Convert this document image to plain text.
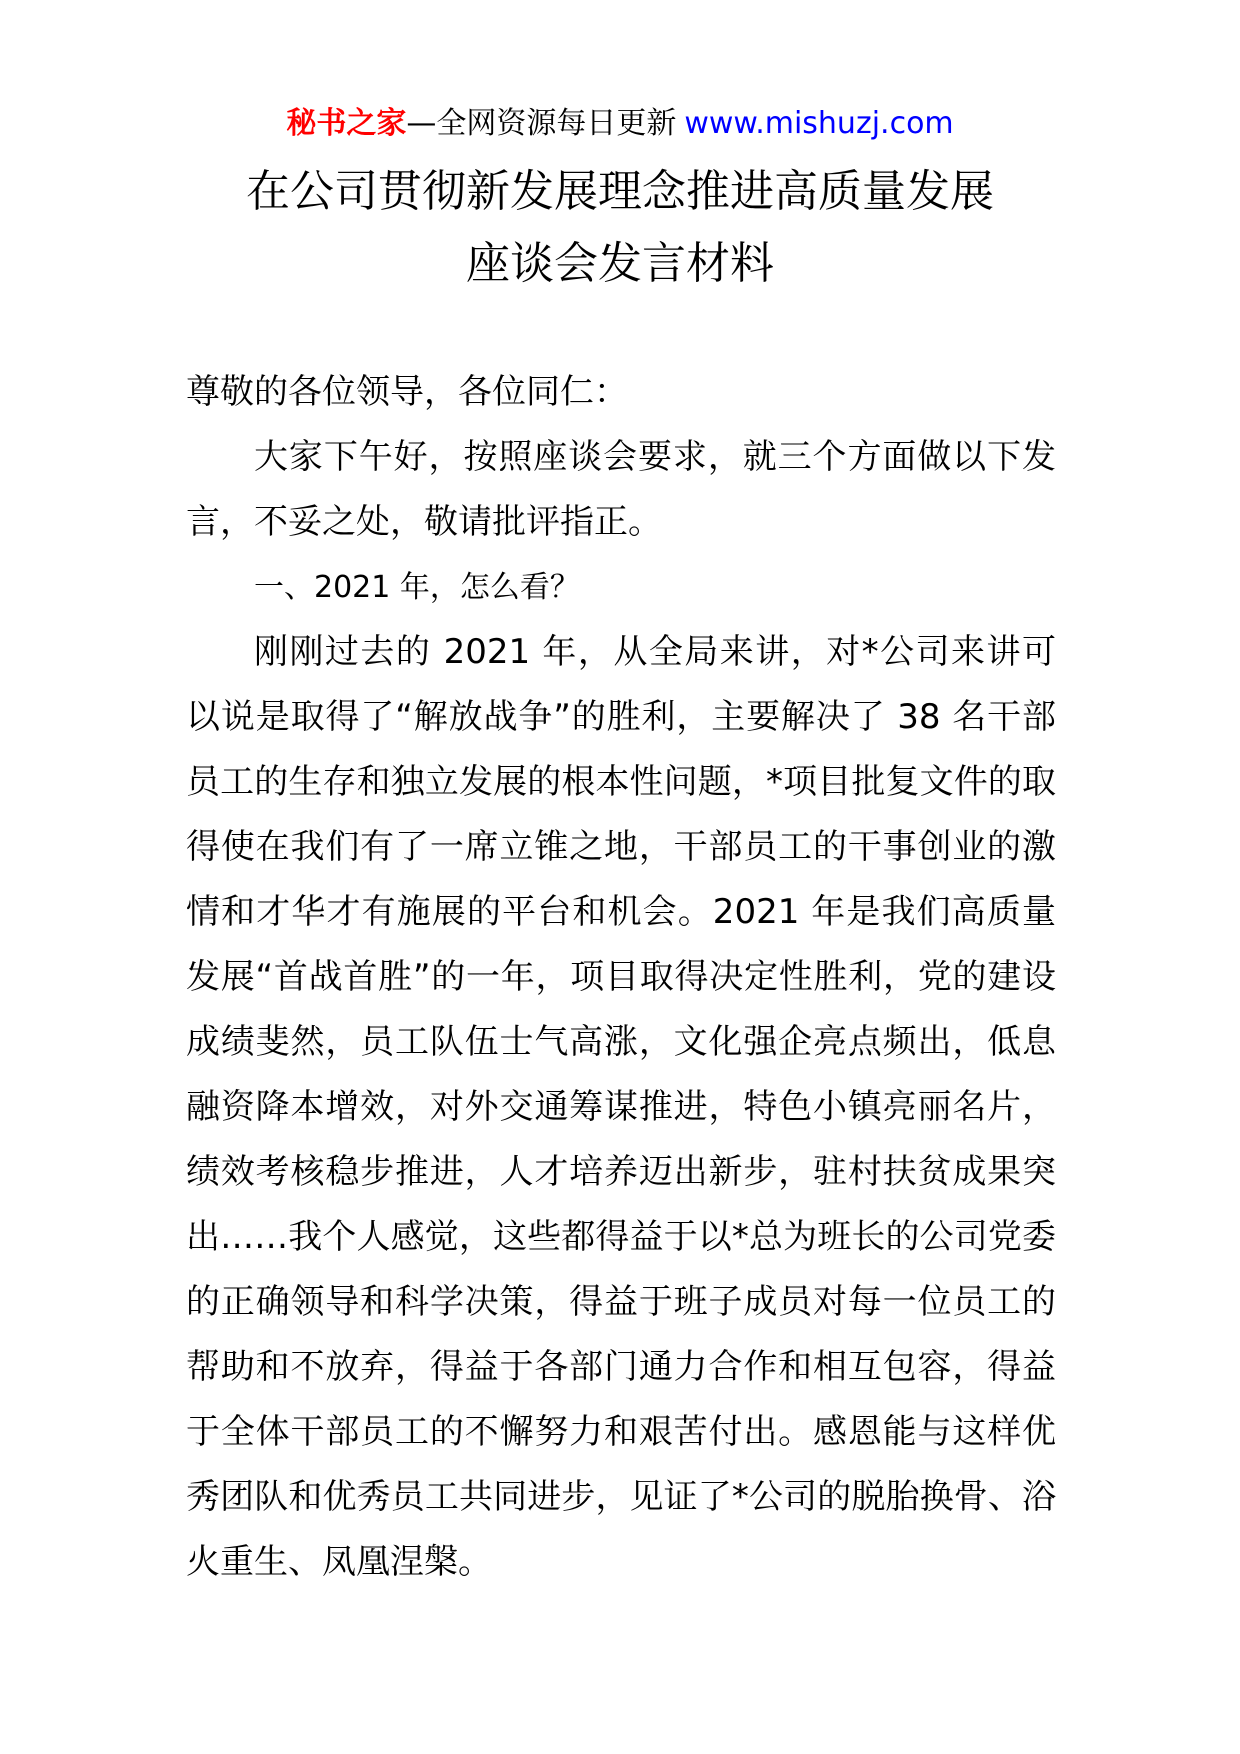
秘书之家—全网资源每日更新 www.mishuzj.com
在公司贯彻新发展理念推进高质量发展
座谈会发言材料

尊敬的各位领导，各位同仁：

大家下午好，按照座谈会要求，就三个方面做以下发言，不妥之处，敬请批评指正。

一、2021 年，怎么看？

刚刚过去的 2021 年，从全局来讲，对*公司来讲可以说是取得了“解放战争”的胜利，主要解决了 38 名干部员工的生存和独立发展的根本性问题，*项目批复文件的取得使在我们有了一席立锥之地，干部员工的干事创业的激情和才华才有施展的平台和机会。2021 年是我们高质量发展“首战首胜”的一年，项目取得决定性胜利，党的建设成绩斐然，员工队伍士气高涨，文化强企亮点频出，低息融资降本增效，对外交通筹谋推进，特色小镇亮丽名片，绩效考核稳步推进，人才培养迈出新步，驻村扶贫成果突出……我个人感觉，这些都得益于以*总为班长的公司党委的正确领导和科学决策，得益于班子成员对每一位员工的帮助和不放弃，得益于各部门通力合作和相互包容，得益于全体干部员工的不懈努力和艰苦付出。感恩能与这样优秀团队和优秀员工共同进步，见证了*公司的脱胎换骨、浴火重生、凤凰涅槃。
